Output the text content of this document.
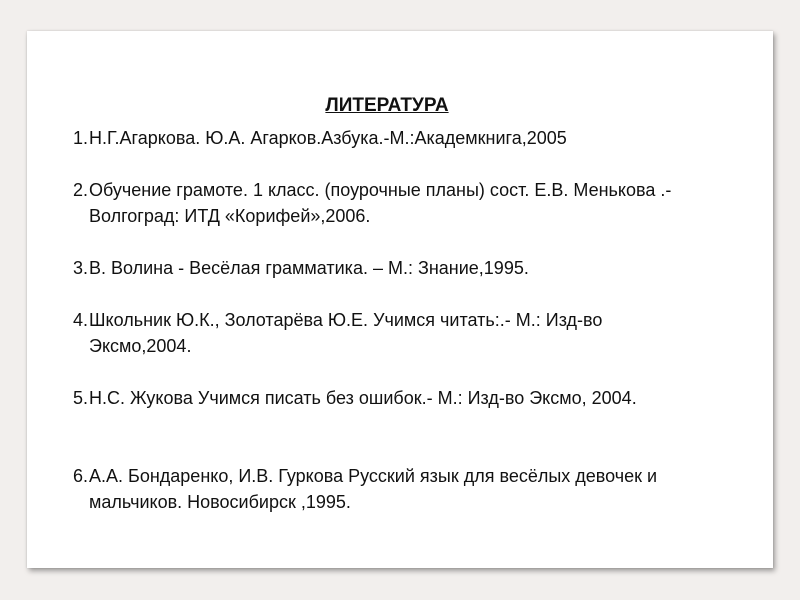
ЛИТЕРАТУРА
1. Н.Г.Агаркова. Ю.А. Агарков.Азбука.-М.:Академкнига,2005
2. Обучение грамоте. 1 класс. (поурочные планы) сост. Е.В. Менькова .- Волгоград: ИТД «Корифей»,2006.
3. В. Волина - Весёлая грамматика. – М.: Знание,1995.
4. Школьник Ю.К., Золотарёва Ю.Е. Учимся читать:.- М.: Изд-во Эксмо,2004.
5. Н.С. Жукова Учимся писать без ошибок.- М.: Изд-во Эксмо, 2004.
6. А.А. Бондаренко, И.В. Гуркова Русский язык для весёлых девочек и мальчиков. Новосибирск ,1995.
